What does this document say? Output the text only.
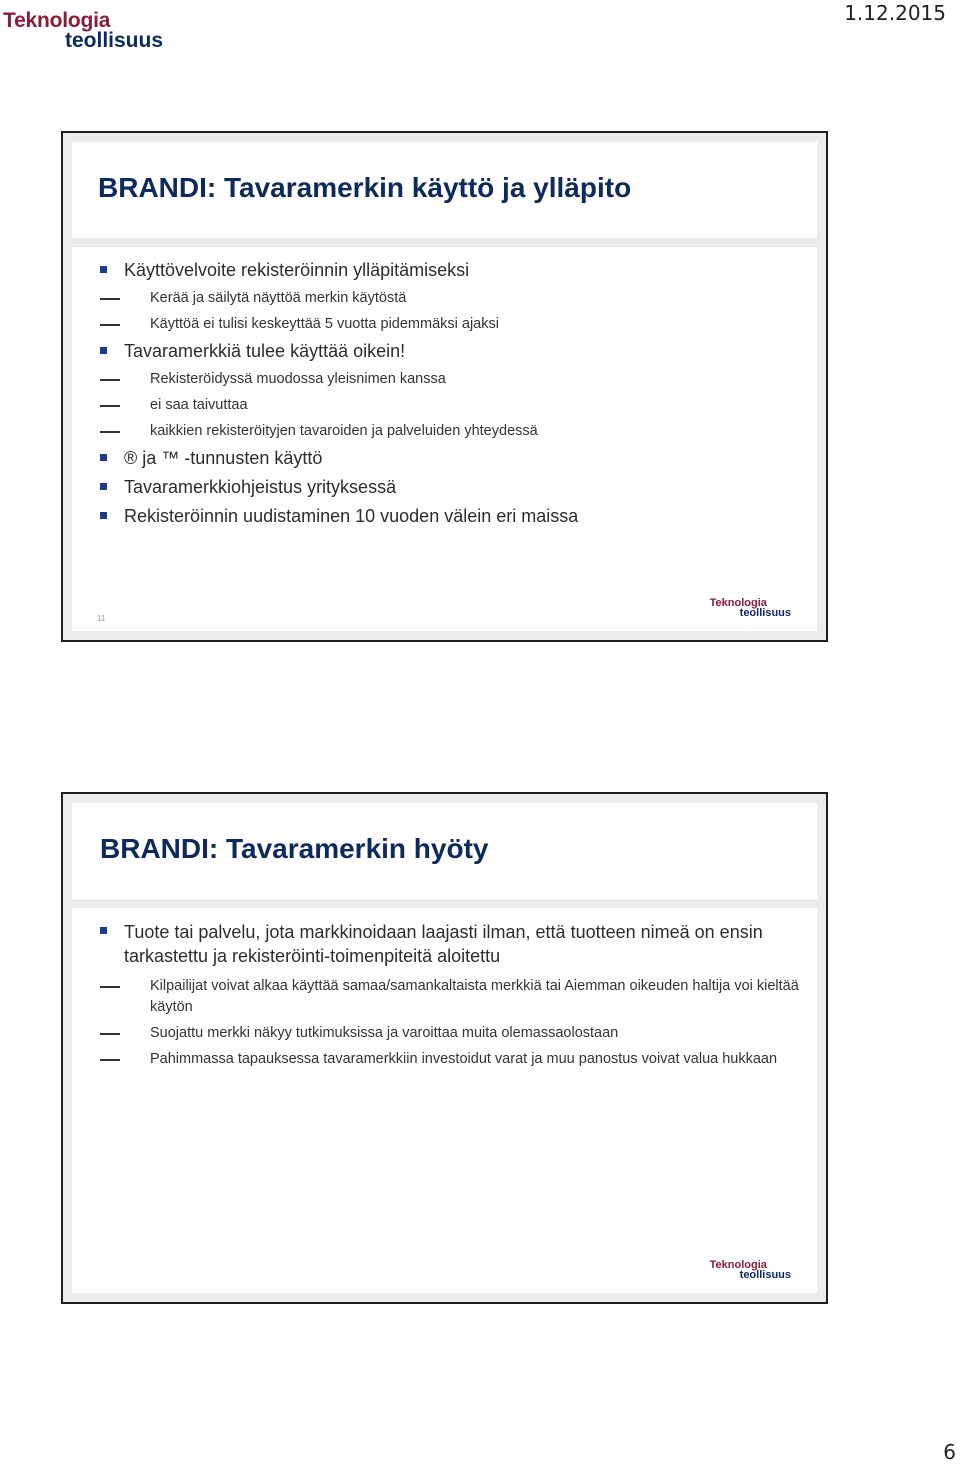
Teknologia
teollisuus
1.12.2015
BRANDI: Tavaramerkin käyttö ja ylläpito
Käyttövelvoite rekisteröinnin ylläpitämiseksi
Kerää ja säilytä näyttöä merkin käytöstä
Käyttöä ei tulisi keskeyttää 5 vuotta pidemmäksi ajaksi
Tavaramerkkiä tulee käyttää oikein!
Rekisteröidyssä muodossa yleisnimen kanssa
ei saa taivuttaa
kaikkien rekisteröityjen tavaroiden ja palveluiden yhteydessä
® ja ™ -tunnusten käyttö
Tavaramerkkiohjeistus yrityksessä
Rekisteröinnin uudistaminen 10 vuoden välein eri maissa
11
Teknologia
teollisuus
BRANDI: Tavaramerkin hyöty
Tuote tai palvelu, jota markkinoidaan laajasti ilman, että tuotteen nimeä on ensin tarkastettu ja rekisteröinti-toimenpiteitä aloitettu
Kilpailijat voivat alkaa käyttää samaa/samankaltaista merkkiä tai Aiemman oikeuden haltija voi kieltää käytön
Suojattu merkki näkyy tutkimuksissa ja varoittaa muita olemassaolostaan
Pahimmassa tapauksessa tavaramerkkiin investoidut varat ja muu panostus voivat valua hukkaan
Teknologia
teollisuus
6
